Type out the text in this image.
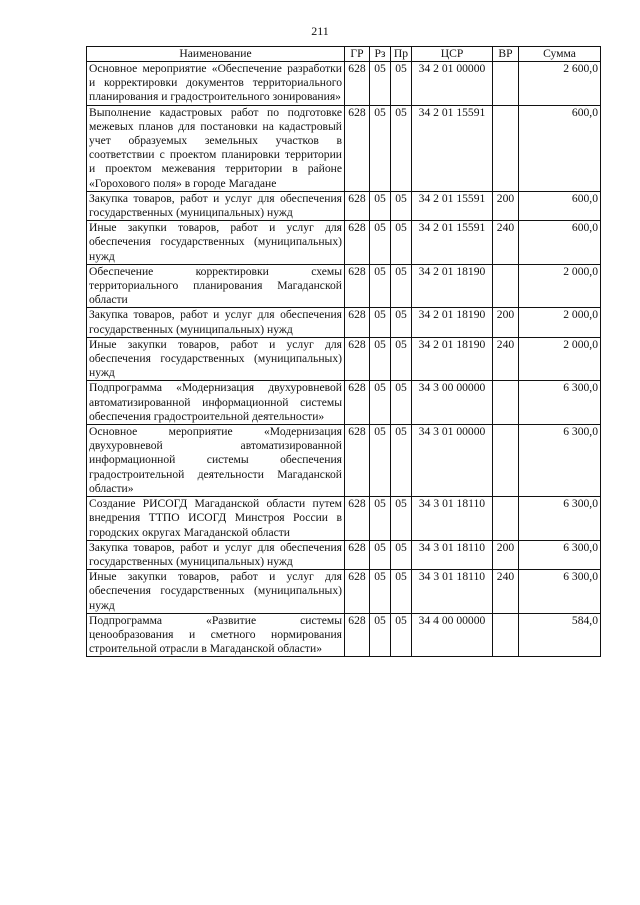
211
Наименование	ГР	Рз	Пр	ЦСР	ВР	Сумма
Основное мероприятие «Обеспечение разработки и корректировки документов территориального планирования и градостроительного зонирования»	628	05	05	34 2 01 00000		2 600,0
Выполнение кадастровых работ по подготовке межевых планов для постановки на кадастровый учет образуемых земельных участков в соответствии с проектом планировки территории и проектом межевания территории в районе «Горохового поля» в городе Магадане	628	05	05	34 2 01 15591		600,0
Закупка товаров, работ и услуг для обеспечения государственных (муниципальных) нужд	628	05	05	34 2 01 15591	200	600,0
Иные закупки товаров, работ и услуг для обеспечения государственных (муниципальных) нужд	628	05	05	34 2 01 15591	240	600,0
Обеспечение корректировки схемы территориального планирования Магаданской области	628	05	05	34 2 01 18190		2 000,0
Закупка товаров, работ и услуг для обеспечения государственных (муниципальных) нужд	628	05	05	34 2 01 18190	200	2 000,0
Иные закупки товаров, работ и услуг для обеспечения государственных (муниципальных) нужд	628	05	05	34 2 01 18190	240	2 000,0
Подпрограмма «Модернизация двухуровневой автоматизированной информационной системы обеспечения градостроительной деятельности»	628	05	05	34 3 00 00000		6 300,0
Основное мероприятие «Модернизация двухуровневой автоматизированной информационной системы обеспечения градостроительной деятельности Магаданской области»	628	05	05	34 3 01 00000		6 300,0
Создание РИСОГД Магаданской области путем внедрения ТТПО ИСОГД Минстроя России в городских округах Магаданской области	628	05	05	34 3 01 18110		6 300,0
Закупка товаров, работ и услуг для обеспечения государственных (муниципальных) нужд	628	05	05	34 3 01 18110	200	6 300,0
Иные закупки товаров, работ и услуг для обеспечения государственных (муниципальных) нужд	628	05	05	34 3 01 18110	240	6 300,0
Подпрограмма «Развитие системы ценообразования и сметного нормирования строительной отрасли в Магаданской области»	628	05	05	34 4 00 00000		584,0
